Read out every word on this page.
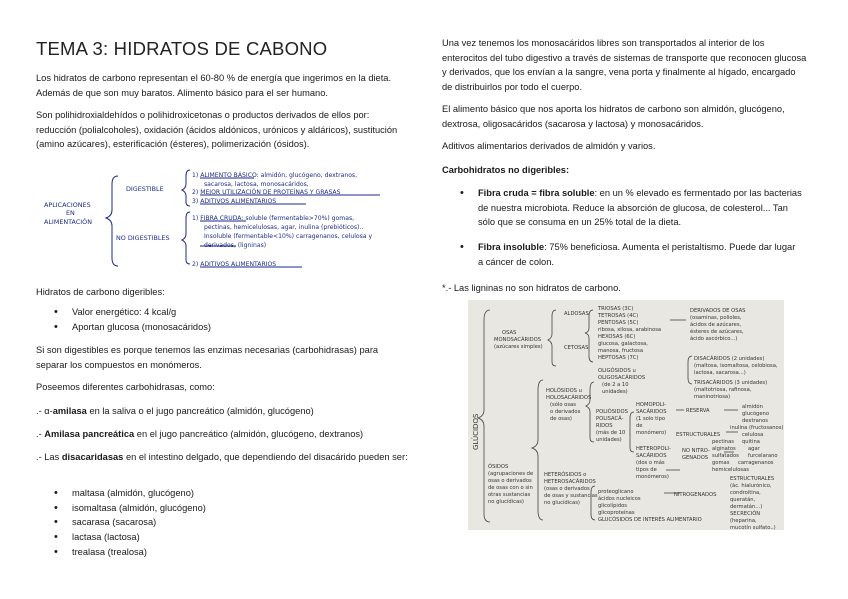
TEMA 3: HIDRATOS DE CABONO

Los hidratos de carbono representan el 60-80 % de energía que ingerimos en la dieta. Además de que son muy baratos. Alimento básico para el ser humano.

Son polihidroxialdehídos o polihidroxicetonas o productos derivados de ellos por: reducción (polialcoholes), oxidación (ácidos aldónicos, urónicos y aldáricos), sustitución (amino azúcares), esterificación (ésteres), polimerización (ósidos).

APLICACIONES
EN
ALIMENTACIÓN
DIGESTIBLE
NO DIGESTIBLES
1) ALIMENTO BÁSICO: almidón, glucógeno, dextranos,
sacarosa, lactosa, monosacáridos,
2) MEJOR UTILIZACIÓN DE PROTEÍNAS Y GRASAS
3) ADITIVOS ALIMENTARIOS
1) FIBRA CRUDA: soluble (fermentable>70%) gomas,
pectinas, hemicelulosas, agar, inulina (prebióticos)..
Insoluble (fermentable<10%) carragenanos, celulosa y
derivados, (ligninas)
2) ADITIVOS ALIMENTARIOS

Hidratos de carbono digeribles:

• Valor energético: 4 kcal/g
• Aportan glucosa (monosacáridos)

Si son digestibles es porque tenemos las enzimas necesarias (carbohidrasas) para separar los compuestos en monómeros.

Poseemos diferentes carbohidrasas, como:

.- α-amilasa en la saliva o el jugo pancreático (almidón, glucógeno)

.- Amilasa pancreática en el jugo pancreático (almidón, glucógeno, dextranos)

.- Las disacaridasas en el intestino delgado, que dependiendo del disacárido pueden ser:

• maltasa (almidón, glucógeno)
• isomaltasa (almidón, glucógeno)
• sacarasa (sacarosa)
• lactasa (lactosa)
• trealasa (trealosa)

Una vez tenemos los monosacáridos libres son transportados al interior de los enterocitos del tubo digestivo a través de sistemas de transporte que reconocen glucosa y derivados, que los envían a la sangre, vena porta y finalmente al hígado, encargado de distribuirlos por todo el cuerpo.

El alimento básico que nos aporta los hidratos de carbono son almidón, glucógeno, dextrosa, oligosacáridos (sacarosa y lactosa) y monosacáridos.

Aditivos alimentarios derivados de almidón y varios.

Carbohidratos no digeribles:

• Fibra cruda = fibra soluble: en un % elevado es fermentado por las bacterias de nuestra microbiota. Reduce la absorción de glucosa, de colesterol... Tan sólo que se consuma en un 25% total de la dieta.
• Fibra insoluble: 75% beneficiosa. Aumenta el peristaltismo. Puede dar lugar a cáncer de colon.

*.- Las ligninas no son hidratos de carbono.

GLÚCIDOS
OSAS
MONOSACÁRIDOS
(azúcares simples)
ALDOSAS
CETOSAS
TRIOSAS (3C)
TETROSAS (4C)
PENTOSAS (5C)
ribosa, xilosa, arabinosa
HEXOSAS (6C)
glucosa, galactosa,
manosa, fructosa
HEPTOSAS (7C)
DERIVADOS DE OSAS
(osaminas, polioles,
ácidos de azúcares,
ésteres de azúcares,
ácido ascórbico...)
OLIGÓSIDOS u
OLIGOSACÁRIDOS
(de 2 a 10
unidades)
DISACÁRIDOS (2 unidades)
(maltosa, isomaltosa, celobiosa,
lactosa, sacarosa...)
TRISACÁRIDOS (3 unidades)
(maltotriosa, rafinosa,
maninotriosa)
HOLÓSIDOS u
HOLOSACÁRIDOS
(sólo osas
o derivados
de osas)
POLIÓSIDOS
POLISACÁ-
RIDOS
(más de 10
unidades)
HOMOPOLI-
SACÁRIDOS
(1 solo tipo
de
monómero)
RESERVA
almidón
glucógeno
dextranos
inulina (fructosanos)
ESTRUCTURALES	celulosa
quitina
HETEROPOLI-
SACÁRIDOS
(dos o más
tipos de
monómeros)
NO NITRO-
GENADOS
pectinas
alginatos agar
sulfatados furcelarano
gomas carragenanos
hemicelulosas
ÓSIDOS
(agrupaciones de
osas o derivados
de osas con o sin
otras sustancias
no glucídicas)
HETERÓSIDOS o
HETEROSACÁRIDOS
(osas o derivados
de osas y sustancias
no glucídicas)
proteoglicano
ácidos nucleicos
glicolípidos
glicoproteínas
GLUCÓSIDOS DE INTERÉS ALIMENTARIO
NITROGENADOS
ESTRUCTURALES
(ác. hialurónico,
condroitina,
queratán,
dermatán...)
SECRECIÓN
(heparina,
mucotín sulfato..)
